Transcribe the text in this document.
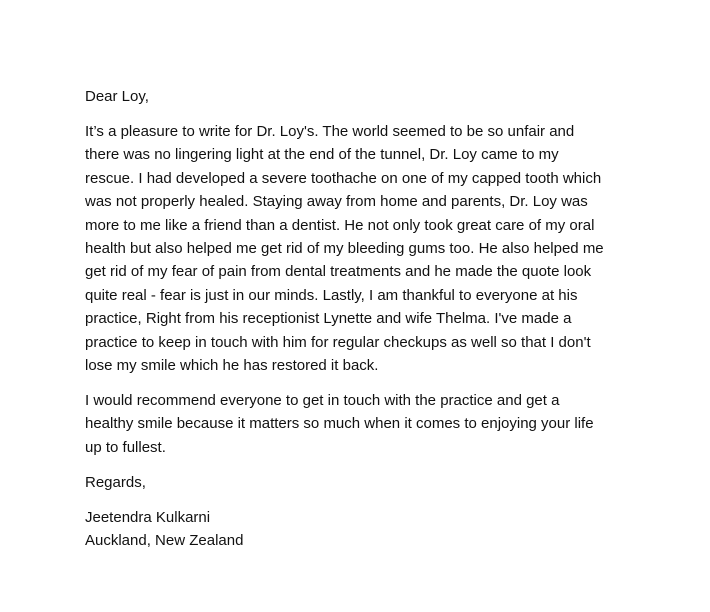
Dear Loy,

It’s a pleasure to write for Dr. Loy's. The world seemed to be so unfair and
there was no lingering light at the end of the tunnel, Dr. Loy came to my
rescue. I had developed a severe toothache on one of my capped tooth which
was not properly healed. Staying away from home and parents, Dr. Loy was
more to me like a friend than a dentist. He not only took great care of my oral
health but also helped me get rid of my bleeding gums too. He also helped me
get rid of my fear of pain from dental treatments and he made the quote look
quite real - fear is just in our minds. Lastly, I am thankful to everyone at his
practice, Right from his receptionist Lynette and wife Thelma. I've made a
practice to keep in touch with him for regular checkups as well so that I don't
lose my smile which he has restored it back.

I would recommend everyone to get in touch with the practice and get a
healthy smile because it matters so much when it comes to enjoying your life
up to fullest.

Regards,

Jeetendra Kulkarni
Auckland, New Zealand
